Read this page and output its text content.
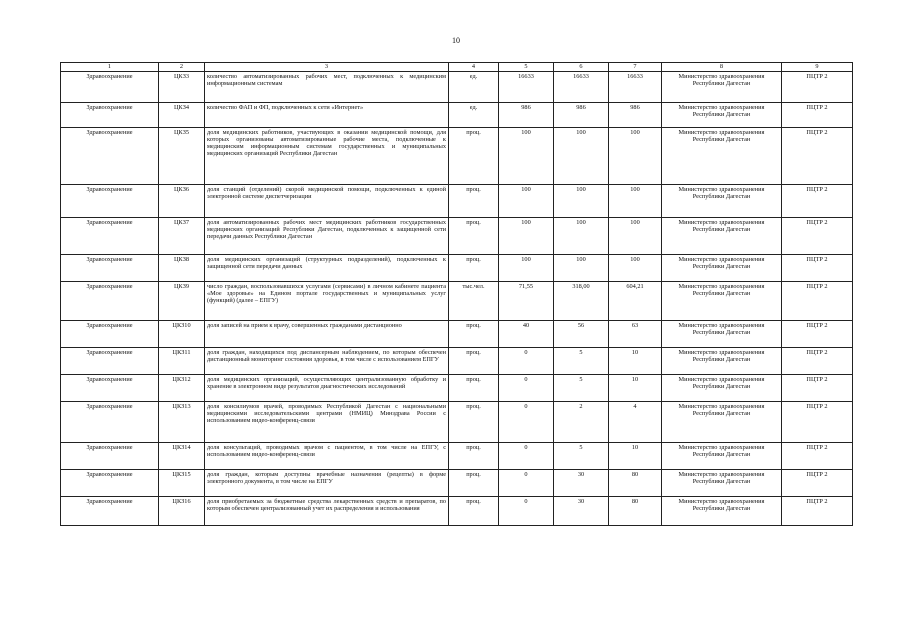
10
1	2	3	4	5	6	7	8	9
Здравоохранение	ЦКЗ3	количество автоматизированных рабочих мест, подключенных к медицинским информационным системам	ед.	16633	16633	16633	Министерство здравоохранения Республики Дагестан	ПЦТР 2
Здравоохранение	ЦКЗ4	количество ФАП и ФП, подключенных к сети «Интернет»	ед.	986	986	986	Министерство здравоохранения Республики Дагестан	ПЦТР 2
Здравоохранение	ЦКЗ5	доля медицинских работников, участвующих в оказании медицинской помощи, для которых организованы автоматизированные рабочие места, подключенные к медицинским информационным системам государственных и муниципальных медицинских организаций Республики Дагестан	проц.	100	100	100	Министерство здравоохранения Республики Дагестан	ПЦТР 2
Здравоохранение	ЦКЗ6	доля станций (отделений) скорой медицинской помощи, подключенных к единой электронной системе диспетчеризации	проц.	100	100	100	Министерство здравоохранения Республики Дагестан	ПЦТР 2
Здравоохранение	ЦКЗ7	доля автоматизированных рабочих мест медицинских работников государственных медицинских организаций Республики Дагестан, подключенных к защищенной сети передачи данных Республики Дагестан	проц.	100	100	100	Министерство здравоохранения Республики Дагестан	ПЦТР 2
Здравоохранение	ЦКЗ8	доля медицинских организаций (структурных подразделений), подключенных к защищенной сети передачи данных	проц.	100	100	100	Министерство здравоохранения Республики Дагестан	ПЦТР 2
Здравоохранение	ЦКЗ9	число граждан, воспользовавшихся услугами (сервисами) в личном кабинете пациента «Мое здоровье» на Едином портале государственных и муниципальных услуг (функций) (далее – ЕПГУ)	тыс.чел.	71,55	318,00	604,21	Министерство здравоохранения Республики Дагестан	ПЦТР 2
Здравоохранение	ЦКЗ10	доля записей на прием к врачу, совершенных гражданами дистанционно	проц.	40	56	63	Министерство здравоохранения Республики Дагестан	ПЦТР 2
Здравоохранение	ЦКЗ11	доля граждан, находящихся под диспансерным наблюдением, по которым обеспечен дистанционный мониторинг состояния здоровья, в том числе с использованием ЕПГУ	проц.	0	5	10	Министерство здравоохранения Республики Дагестан	ПЦТР 2
Здравоохранение	ЦКЗ12	доля медицинских организаций, осуществляющих централизованную обработку и хранение в электронном виде результатов диагностических исследований	проц.	0	5	10	Министерство здравоохранения Республики Дагестан	ПЦТР 2
Здравоохранение	ЦКЗ13	доля консилиумов врачей, проводимых Республикой Дагестан с национальными медицинскими исследовательскими центрами (НМИЦ) Минздрава России с использованием видео-конференц-связи	проц.	0	2	4	Министерство здравоохранения Республики Дагестан	ПЦТР 2
Здравоохранение	ЦКЗ14	доля консультаций, проводимых врачом с пациентом, в том числе на ЕПГУ, с использованием видео-конференц-связи	проц.	0	5	10	Министерство здравоохранения Республики Дагестан	ПЦТР 2
Здравоохранение	ЦКЗ15	доля граждан, которым доступны врачебные назначения (рецепты) в форме электронного документа, в том числе на ЕПГУ	проц.	0	30	80	Министерство здравоохранения Республики Дагестан	ПЦТР 2
Здравоохранение	ЦКЗ16	доля приобретаемых за бюджетные средства лекарственных средств и препаратов, по которым обеспечен централизованный учет их распределения и использования	проц.	0	30	80	Министерство здравоохранения Республики Дагестан	ПЦТР 2
